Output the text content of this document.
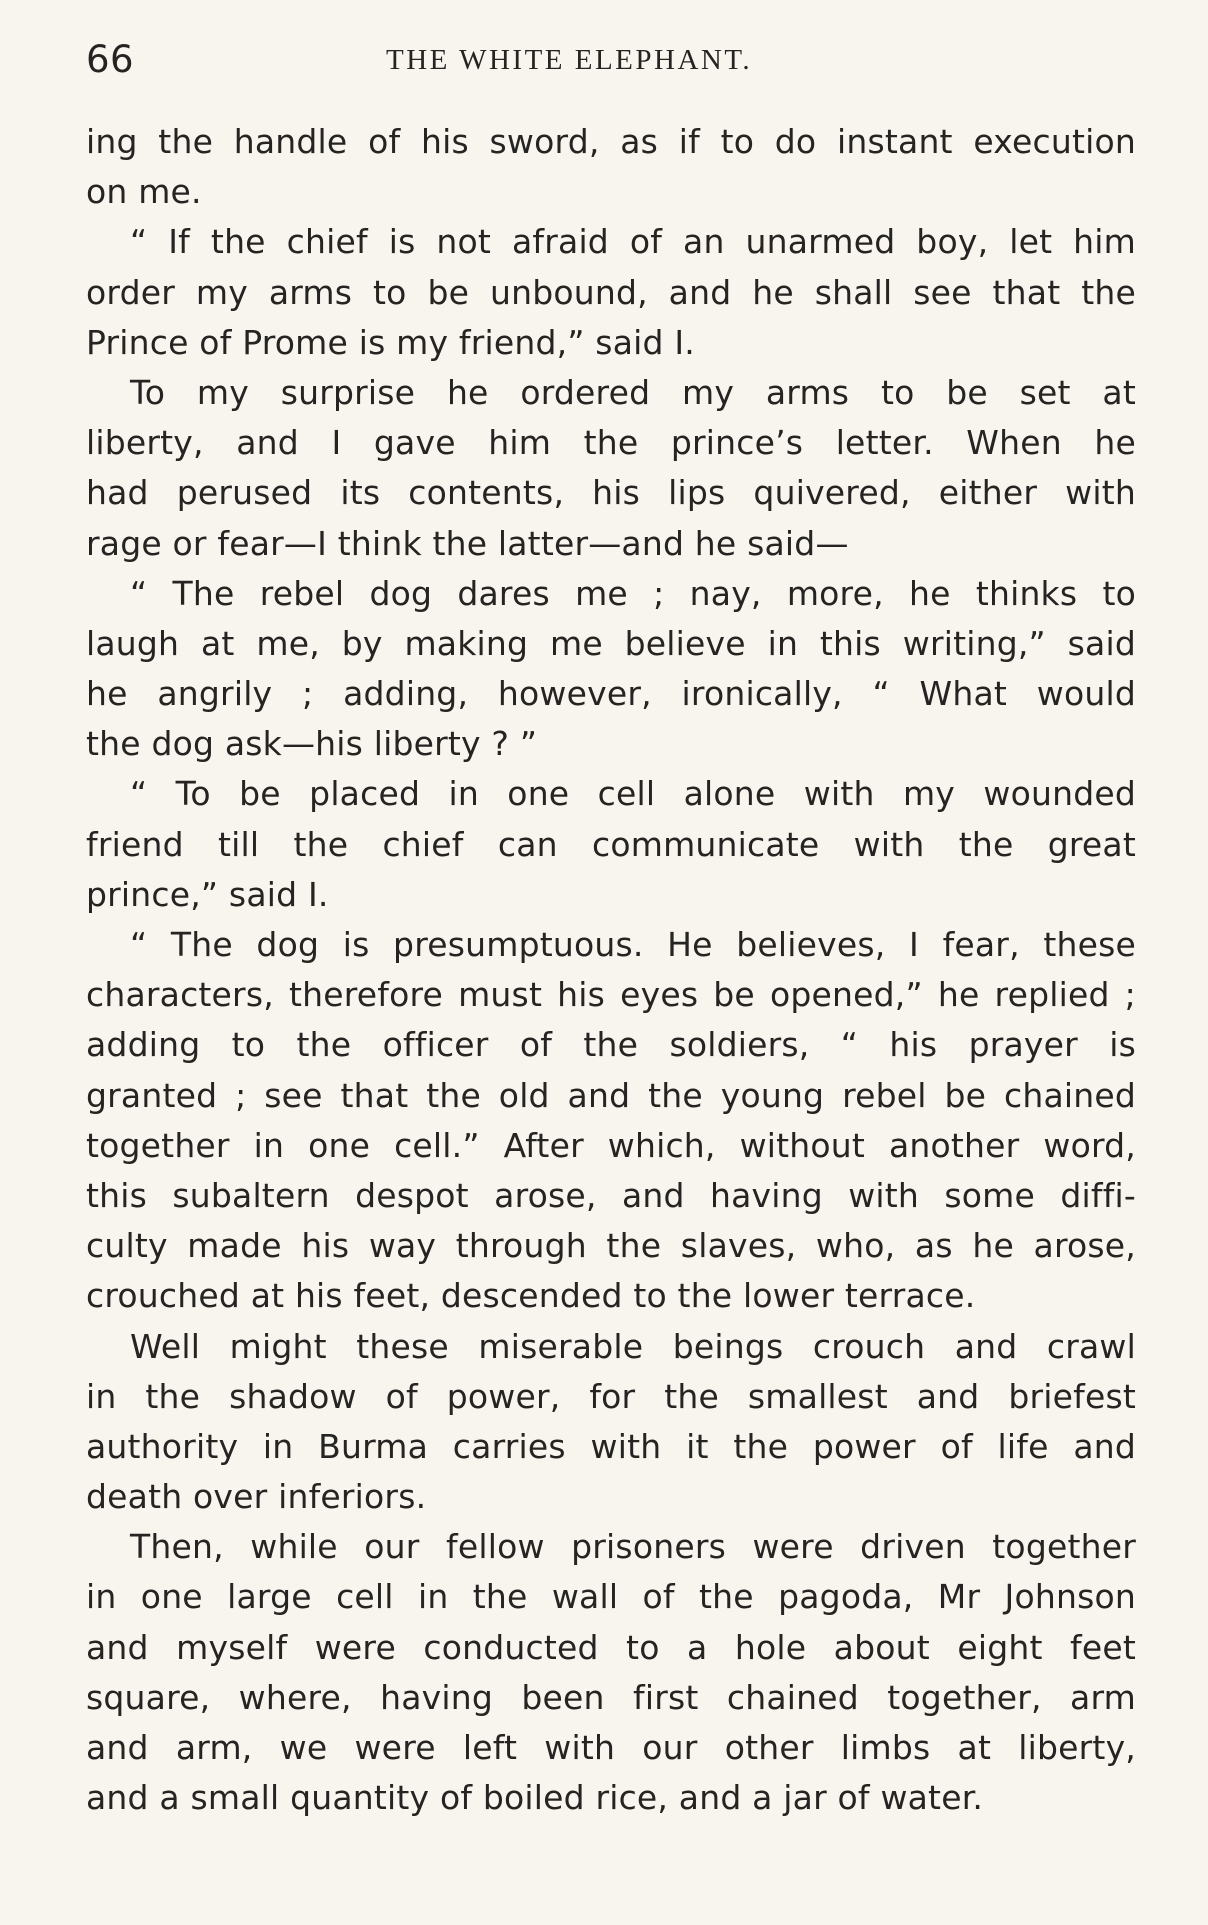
66	THE WHITE ELEPHANT.
ing the handle of his sword, as if to do instant execution
on me.
“ If the chief is not afraid of an unarmed boy, let him
order my arms to be unbound, and he shall see that the
Prince of Prome is my friend,” said I.
To my surprise he ordered my arms to be set at
liberty, and I gave him the prince’s letter. When he
had perused its contents, his lips quivered, either with
rage or fear—I think the latter—and he said—
“ The rebel dog dares me ; nay, more, he thinks to
laugh at me, by making me believe in this writing,” said
he angrily ; adding, however, ironically, “ What would
the dog ask—his liberty ? ”
“ To be placed in one cell alone with my wounded
friend till the chief can communicate with the great
prince,” said I.
“ The dog is presumptuous. He believes, I fear, these
characters, therefore must his eyes be opened,” he replied ;
adding to the officer of the soldiers, “ his prayer is
granted ; see that the old and the young rebel be chained
together in one cell.” After which, without another word,
this subaltern despot arose, and having with some diffi-
culty made his way through the slaves, who, as he arose,
crouched at his feet, descended to the lower terrace.
Well might these miserable beings crouch and crawl
in the shadow of power, for the smallest and briefest
authority in Burma carries with it the power of life and
death over inferiors.
Then, while our fellow prisoners were driven together
in one large cell in the wall of the pagoda, Mr Johnson
and myself were conducted to a hole about eight feet
square, where, having been first chained together, arm
and arm, we were left with our other limbs at liberty,
and a small quantity of boiled rice, and a jar of water.
